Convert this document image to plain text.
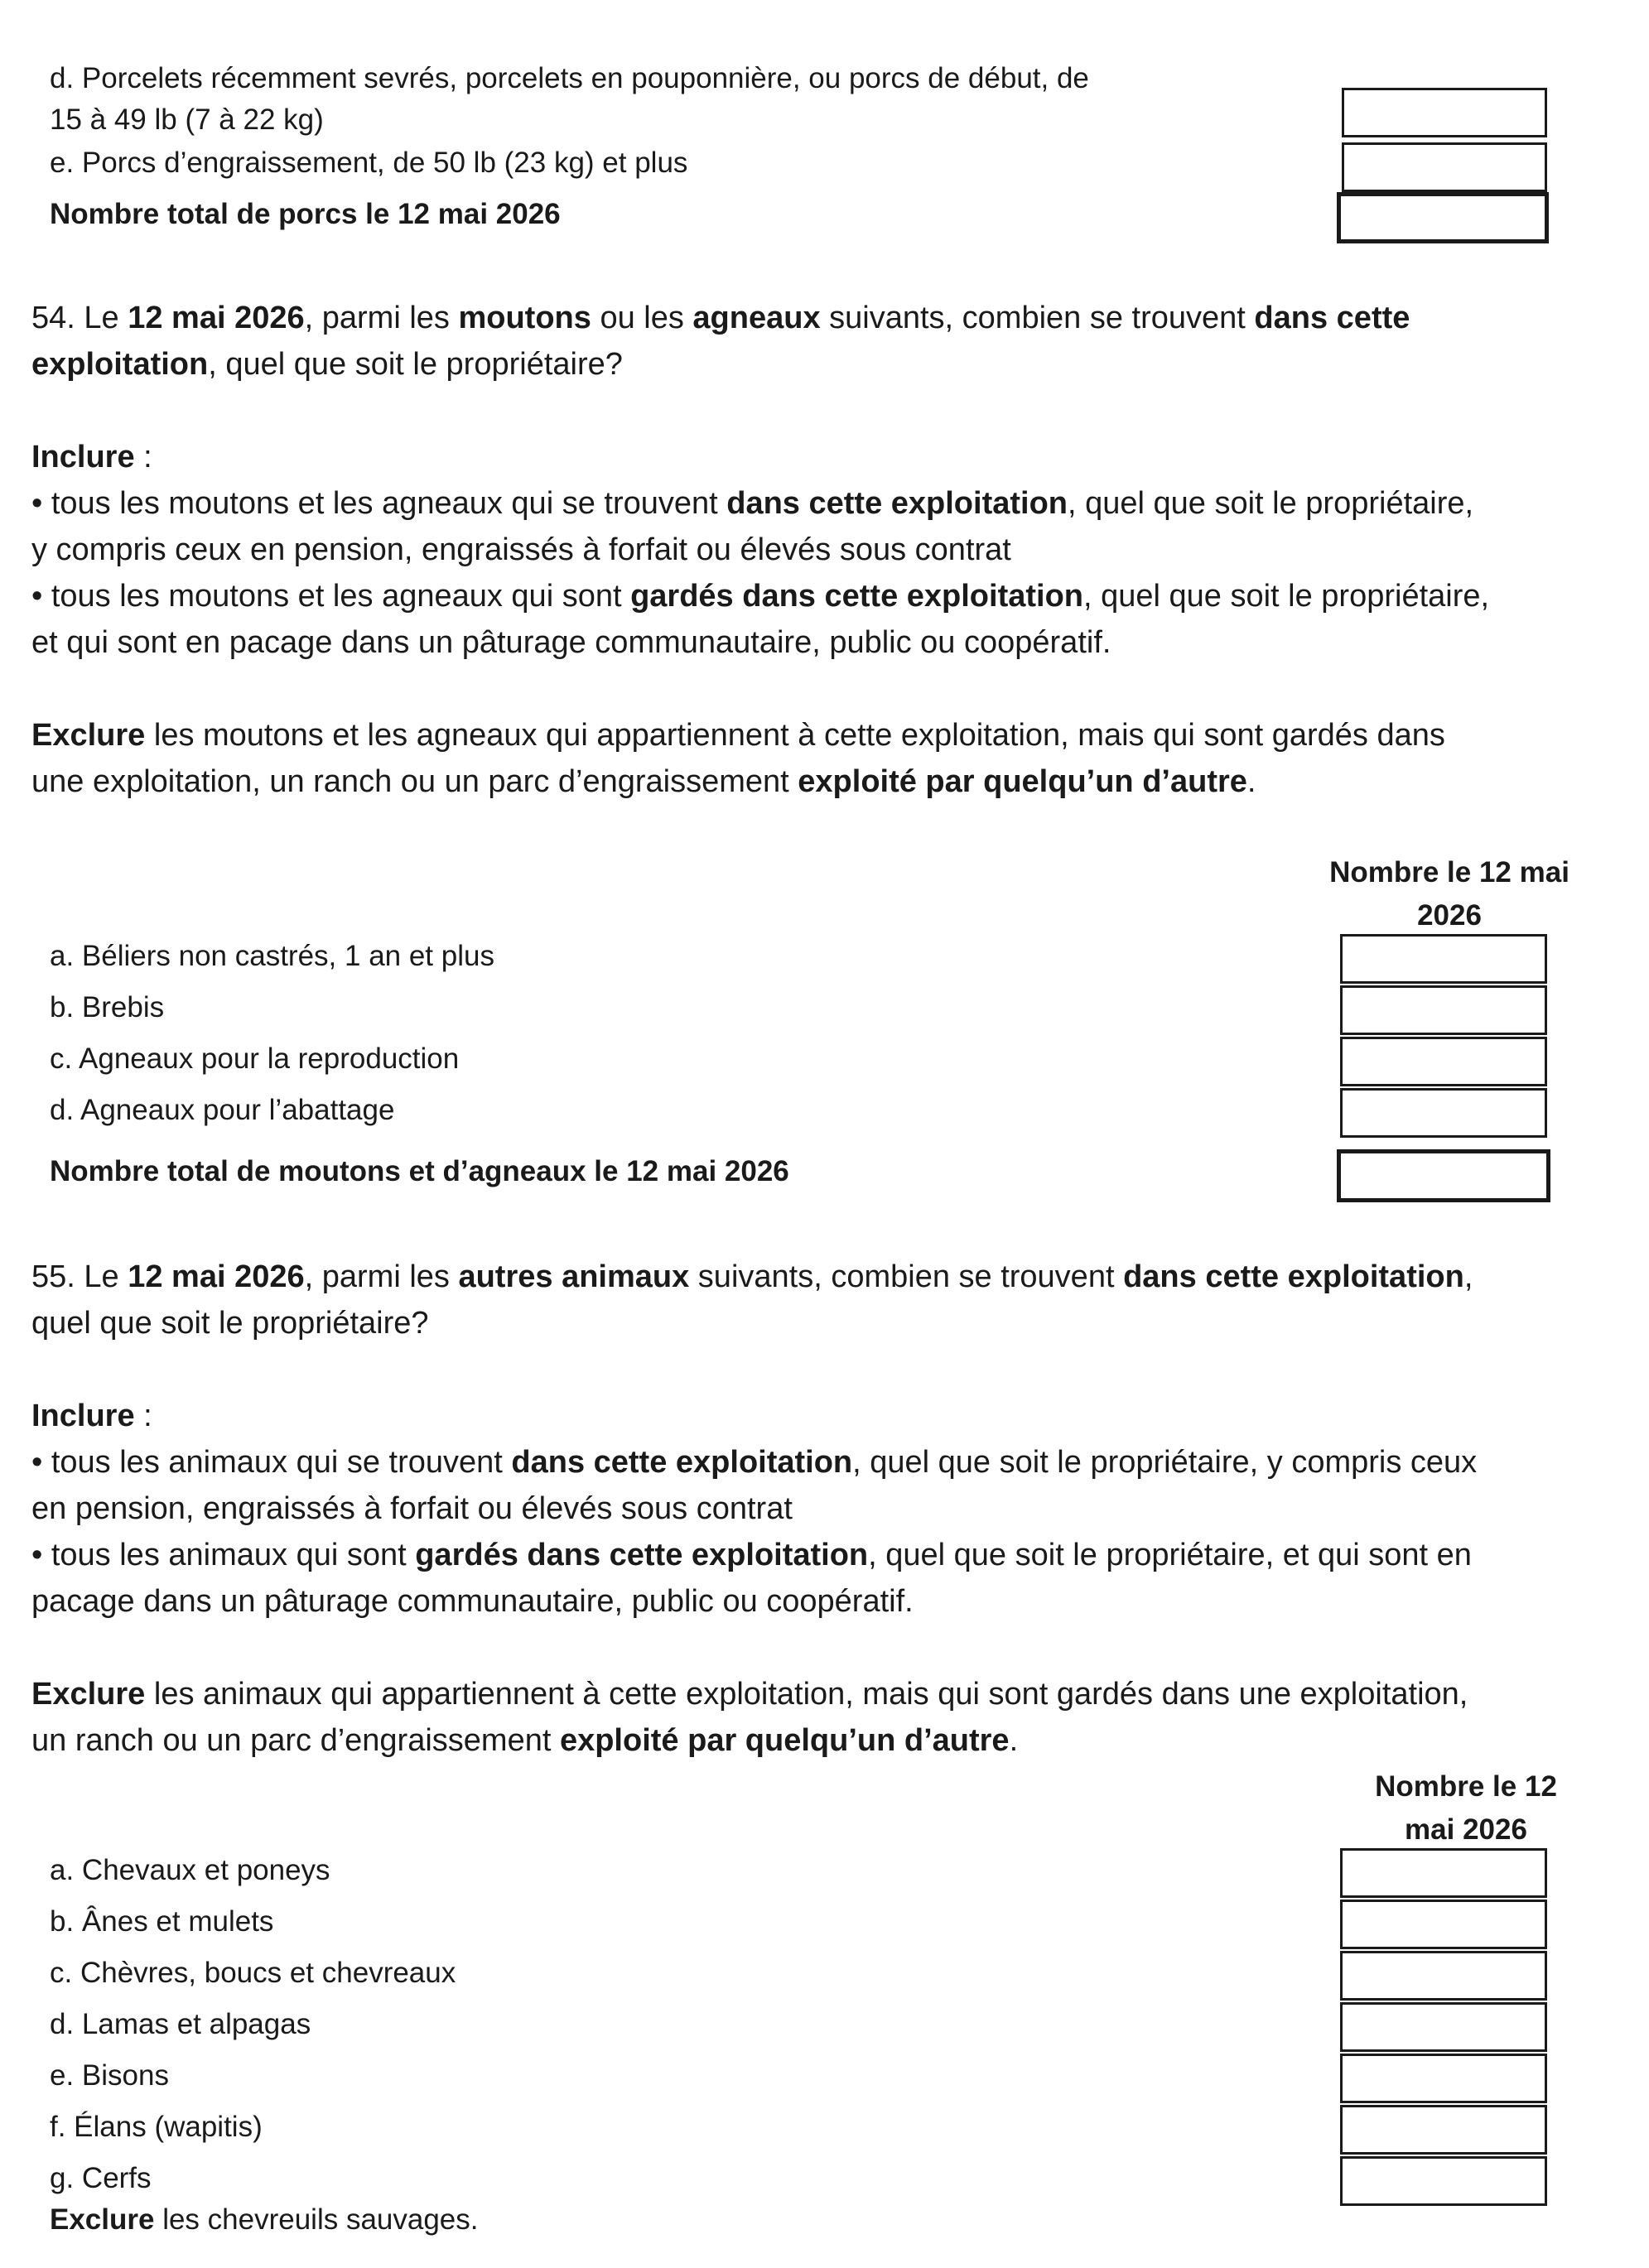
d. Porcelets récemment sevrés, porcelets en pouponnière, ou porcs de début, de
15 à 49 lb (7 à 22 kg)
e. Porcs d’engraissement, de 50 lb (23 kg) et plus
Nombre total de porcs le 12 mai 2026
54. Le 12 mai 2026, parmi les moutons ou les agneaux suivants, combien se trouvent dans cette
exploitation, quel que soit le propriétaire?
Inclure :
• tous les moutons et les agneaux qui se trouvent dans cette exploitation, quel que soit le propriétaire,
y compris ceux en pension, engraissés à forfait ou élevés sous contrat
• tous les moutons et les agneaux qui sont gardés dans cette exploitation, quel que soit le propriétaire,
et qui sont en pacage dans un pâturage communautaire, public ou coopératif.
Exclure les moutons et les agneaux qui appartiennent à cette exploitation, mais qui sont gardés dans
une exploitation, un ranch ou un parc d’engraissement exploité par quelqu’un d’autre.
Nombre le 12 mai
2026
a. Béliers non castrés, 1 an et plus
b. Brebis
c. Agneaux pour la reproduction
d. Agneaux pour l’abattage
Nombre total de moutons et d’agneaux le 12 mai 2026
55. Le 12 mai 2026, parmi les autres animaux suivants, combien se trouvent dans cette exploitation,
quel que soit le propriétaire?
Inclure :
• tous les animaux qui se trouvent dans cette exploitation, quel que soit le propriétaire, y compris ceux
en pension, engraissés à forfait ou élevés sous contrat
• tous les animaux qui sont gardés dans cette exploitation, quel que soit le propriétaire, et qui sont en
pacage dans un pâturage communautaire, public ou coopératif.
Exclure les animaux qui appartiennent à cette exploitation, mais qui sont gardés dans une exploitation,
un ranch ou un parc d’engraissement exploité par quelqu’un d’autre.
Nombre le 12
mai 2026
a. Chevaux et poneys
b. Ânes et mulets
c. Chèvres, boucs et chevreaux
d. Lamas et alpagas
e. Bisons
f. Élans (wapitis)
g. Cerfs
Exclure les chevreuils sauvages.
